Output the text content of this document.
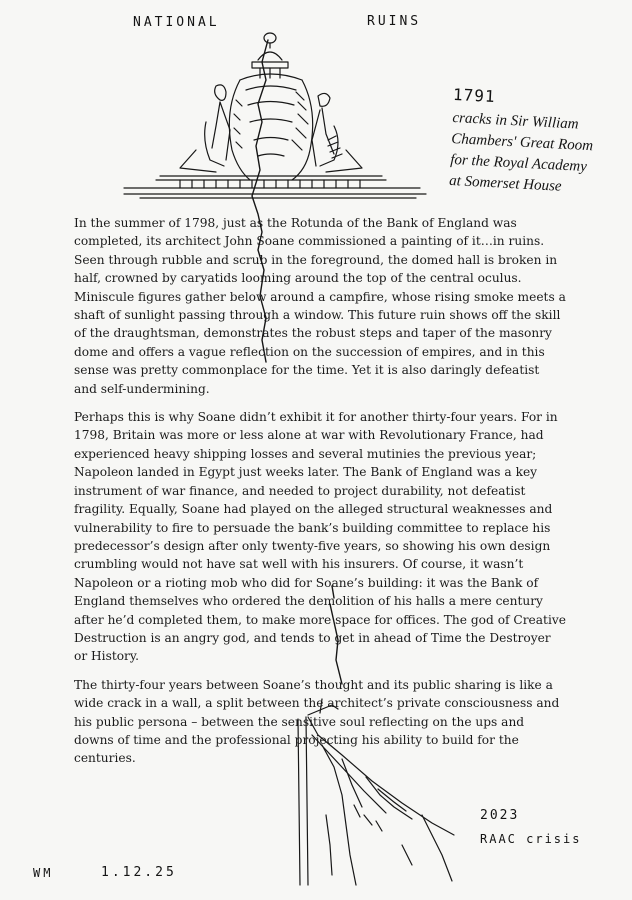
NATIONAL	RUINS
1791
cracks in Sir William
Chambers' Great Room
for the Royal Academy
at Somerset House

In the summer of 1798, just as the Rotunda of the Bank of England was completed, its architect John Soane commissioned a painting of it…in ruins. Seen through rubble and scrub in the foreground, the domed hall is broken in half, crowned by caryatids looming around the top of the central oculus. Miniscule figures gather below around a campfire, whose rising smoke meets a shaft of sunlight passing through a window. This future ruin shows off the skill of the draughtsman, demonstrates the robust steps and taper of the masonry dome and offers a vague reflection on the succession of empires, and in this sense was pretty commonplace for the time. Yet it is also daringly defeatist and self-undermining.

Perhaps this is why Soane didn’t exhibit it for another thirty-four years. For in 1798, Britain was more or less alone at war with Revolutionary France, had experienced heavy shipping losses and several mutinies the previous year; Napoleon landed in Egypt just weeks later. The Bank of England was a key instrument of war finance, and needed to project durability, not defeatist fragility. Equally, Soane had played on the alleged structural weaknesses and vulnerability to fire to persuade the bank’s building committee to replace his predecessor’s design after only twenty-five years, so showing his own design crumbling would not have sat well with his insurers. Of course, it wasn’t Napoleon or a rioting mob who did for Soane’s building: it was the Bank of England themselves who ordered the demolition of his halls a mere century after he’d completed them, to make more space for offices. The god of Creative Destruction is an angry god, and tends to get in ahead of Time the Destroyer or History.

The thirty-four years between Soane’s thought and its public sharing is like a wide crack in a wall, a split between the architect’s private consciousness and his public persona – between the sensitive soul reflecting on the ups and downs of time and the professional projecting his ability to build for the centuries.

2023
RAAC crisis
WM	1.12.25
